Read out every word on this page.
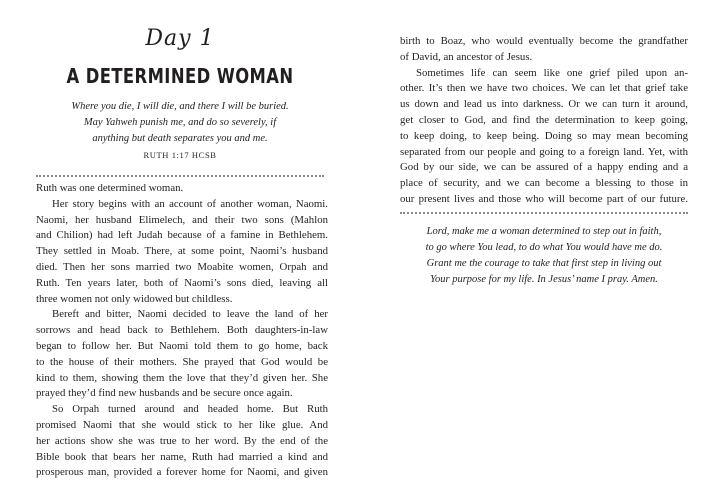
Day 1
A DETERMINED WOMAN
Where you die, I will die, and there I will be buried.
May Yahweh punish me, and do so severely, if
anything but death separates you and me.
RUTH 1:17 HCSB
Ruth was one determined woman.
Her story begins with an account of another woman, Naomi.
Naomi, her husband Elimelech, and their two sons (Mahlon
and Chilion) had left Judah because of a famine in Bethlehem.
They settled in Moab. There, at some point, Naomi’s husband
died. Then her sons married two Moabite women, Orpah and
Ruth. Ten years later, both of Naomi’s sons died, leaving all
three women not only widowed but childless.
Bereft and bitter, Naomi decided to leave the land of her
sorrows and head back to Bethlehem. Both daughters-in-law
began to follow her. But Naomi told them to go home, back
to the house of their mothers. She prayed that God would be
kind to them, showing them the love that they’d given her. She
prayed they’d find new husbands and be secure once again.
So Orpah turned around and headed home. But Ruth
promised Naomi that she would stick to her like glue. And
her actions show she was true to her word. By the end of the
Bible book that bears her name, Ruth had married a kind and
prosperous man, provided a forever home for Naomi, and given
birth to Boaz, who would eventually become the grandfather
of David, an ancestor of Jesus.
Sometimes life can seem like one grief piled upon an-
other. It’s then we have two choices. We can let that grief take
us down and lead us into darkness. Or we can turn it around,
get closer to God, and find the determination to keep going,
to keep doing, to keep being. Doing so may mean becoming
separated from our people and going to a foreign land. Yet, with
God by our side, we can be assured of a happy ending and a
place of security, and we can become a blessing to those in
our present lives and those who will become part of our future.
Lord, make me a woman determined to step out in faith,
to go where You lead, to do what You would have me do.
Grant me the courage to take that first step in living out
Your purpose for my life. In Jesus’ name I pray. Amen.
